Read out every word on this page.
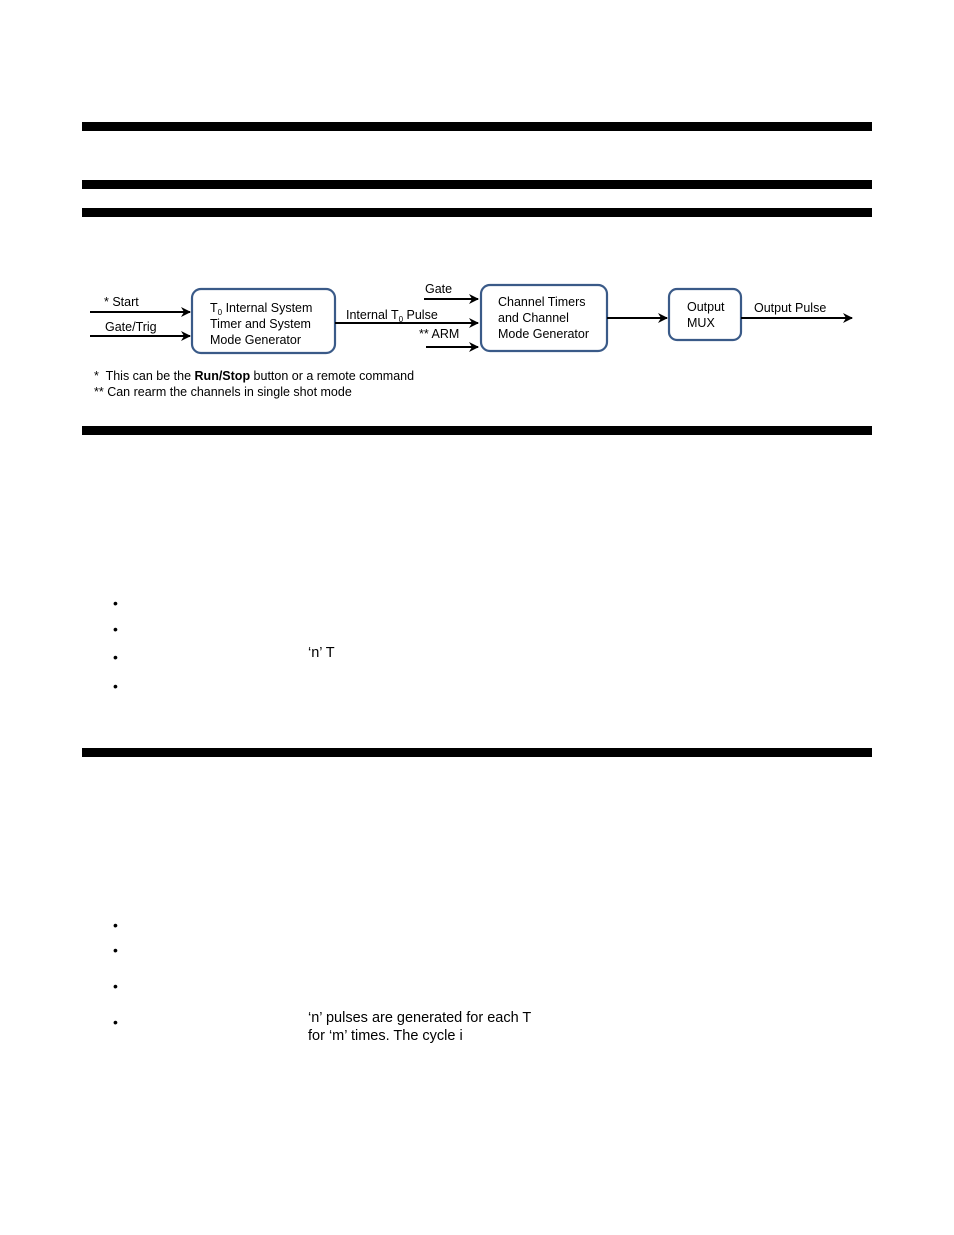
* Start
Gate/Trig
$T_0$ Internal System
Timer and System
Mode Generator
Internal $T_0$ Pulse
Gate
** ARM
Channel Timers
and Channel
Mode Generator
Output
MUX
Output Pulse
*  This can be the Run/Stop button or a remote command
** Can rearm the channels in single shot mode
•
•
•
•
‘n’ T
•
•
•
•	‘n’ pulses are generated for each T
for ‘m’ times. The cycle i
